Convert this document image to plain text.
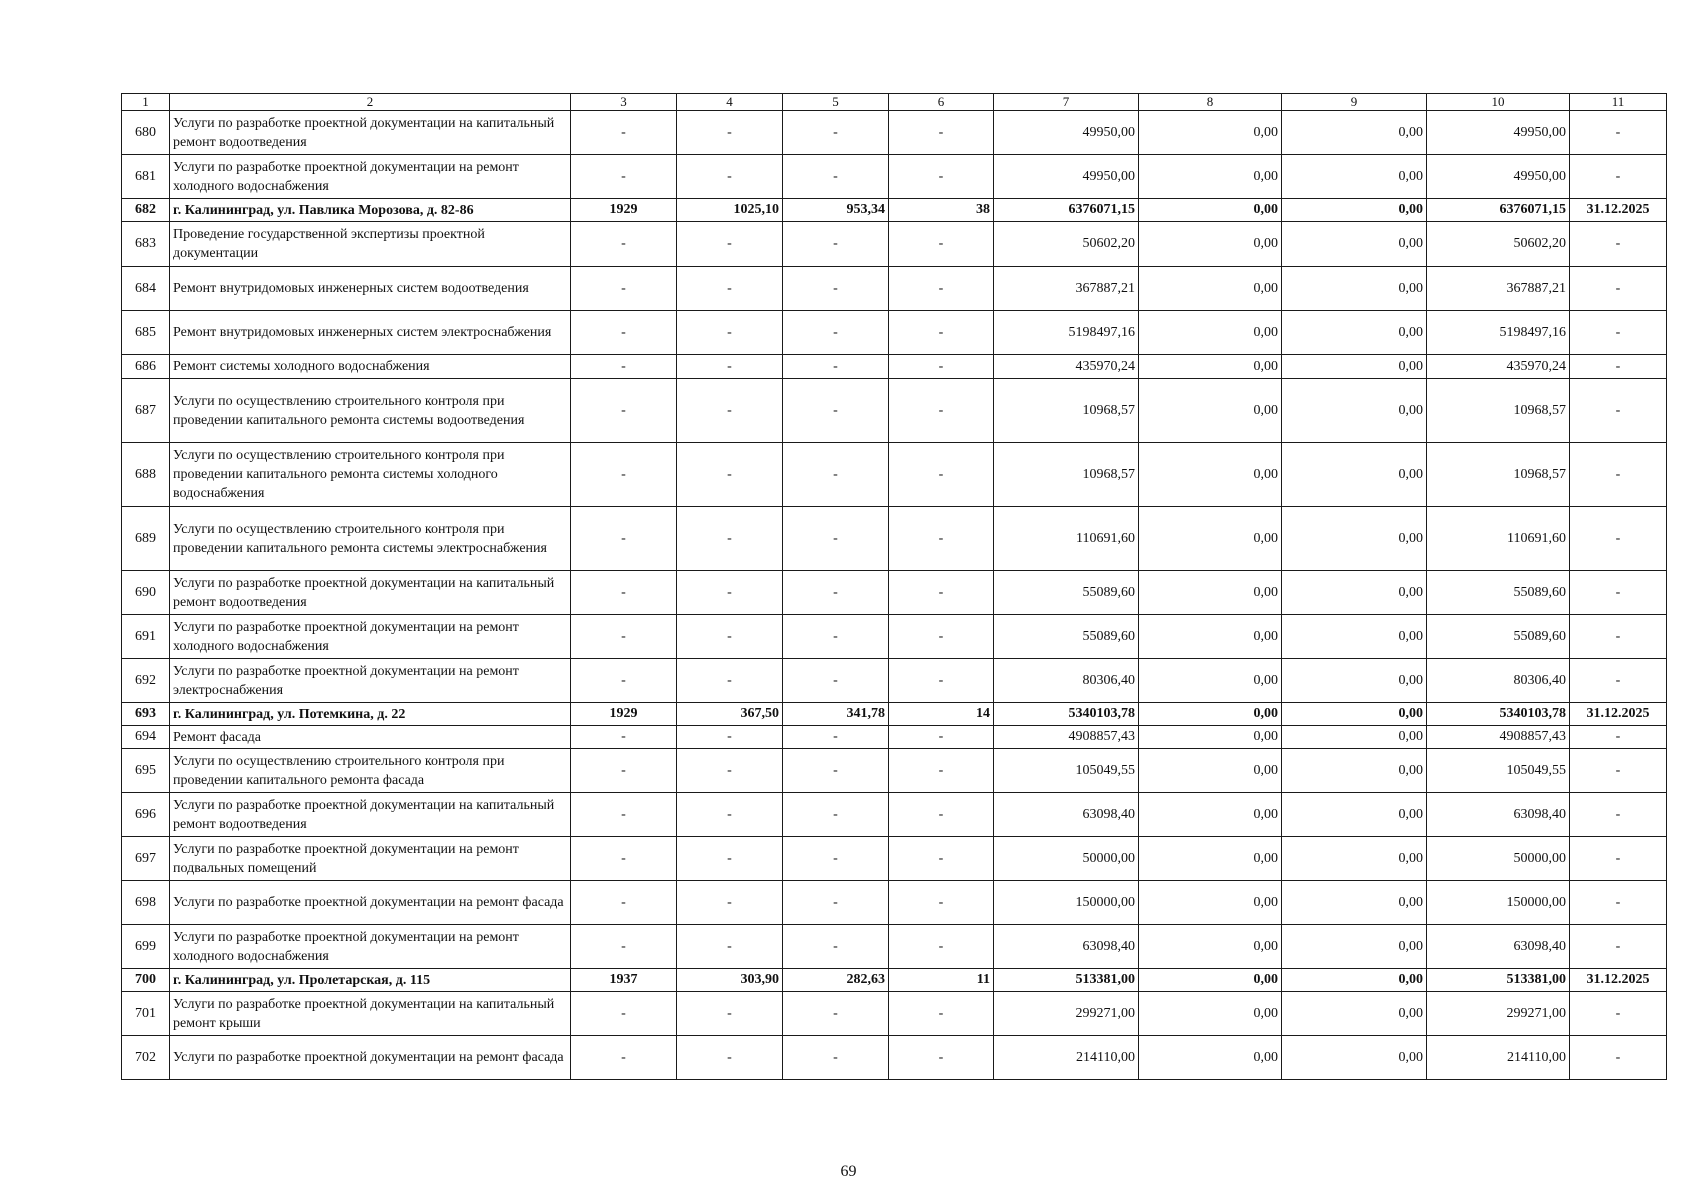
1	2	3	4	5	6	7	8	9	10	11
680	Услуги по разработке проектной документации на капитальный ремонт водоотведения	-	-	-	-	49950,00	0,00	0,00	49950,00	-
681	Услуги по разработке проектной документации на ремонт холодного водоснабжения	-	-	-	-	49950,00	0,00	0,00	49950,00	-
682	г. Калининград, ул. Павлика Морозова, д. 82-86	1929	1025,10	953,34	38	6376071,15	0,00	0,00	6376071,15	31.12.2025
683	Проведение государственной экспертизы проектной документации	-	-	-	-	50602,20	0,00	0,00	50602,20	-
684	Ремонт внутридомовых инженерных систем водоотведения	-	-	-	-	367887,21	0,00	0,00	367887,21	-
685	Ремонт внутридомовых инженерных систем электроснабжения	-	-	-	-	5198497,16	0,00	0,00	5198497,16	-
686	Ремонт системы холодного водоснабжения	-	-	-	-	435970,24	0,00	0,00	435970,24	-
687	Услуги по осуществлению строительного контроля при проведении капитального ремонта системы водоотведения	-	-	-	-	10968,57	0,00	0,00	10968,57	-
688	Услуги по осуществлению строительного контроля при проведении капитального ремонта системы холодного водоснабжения	-	-	-	-	10968,57	0,00	0,00	10968,57	-
689	Услуги по осуществлению строительного контроля при проведении капитального ремонта системы электроснабжения	-	-	-	-	110691,60	0,00	0,00	110691,60	-
690	Услуги по разработке проектной документации на капитальный ремонт водоотведения	-	-	-	-	55089,60	0,00	0,00	55089,60	-
691	Услуги по разработке проектной документации на ремонт холодного водоснабжения	-	-	-	-	55089,60	0,00	0,00	55089,60	-
692	Услуги по разработке проектной документации на ремонт электроснабжения	-	-	-	-	80306,40	0,00	0,00	80306,40	-
693	г. Калининград, ул. Потемкина, д. 22	1929	367,50	341,78	14	5340103,78	0,00	0,00	5340103,78	31.12.2025
694	Ремонт фасада	-	-	-	-	4908857,43	0,00	0,00	4908857,43	-
695	Услуги по осуществлению строительного контроля при проведении капитального ремонта фасада	-	-	-	-	105049,55	0,00	0,00	105049,55	-
696	Услуги по разработке проектной документации на капитальный ремонт водоотведения	-	-	-	-	63098,40	0,00	0,00	63098,40	-
697	Услуги по разработке проектной документации на ремонт подвальных помещений	-	-	-	-	50000,00	0,00	0,00	50000,00	-
698	Услуги по разработке проектной документации на ремонт фасада	-	-	-	-	150000,00	0,00	0,00	150000,00	-
699	Услуги по разработке проектной документации на ремонт холодного водоснабжения	-	-	-	-	63098,40	0,00	0,00	63098,40	-
700	г. Калининград, ул. Пролетарская, д. 115	1937	303,90	282,63	11	513381,00	0,00	0,00	513381,00	31.12.2025
701	Услуги по разработке проектной документации на капитальный ремонт крыши	-	-	-	-	299271,00	0,00	0,00	299271,00	-
702	Услуги по разработке проектной документации на ремонт фасада	-	-	-	-	214110,00	0,00	0,00	214110,00	-
69
